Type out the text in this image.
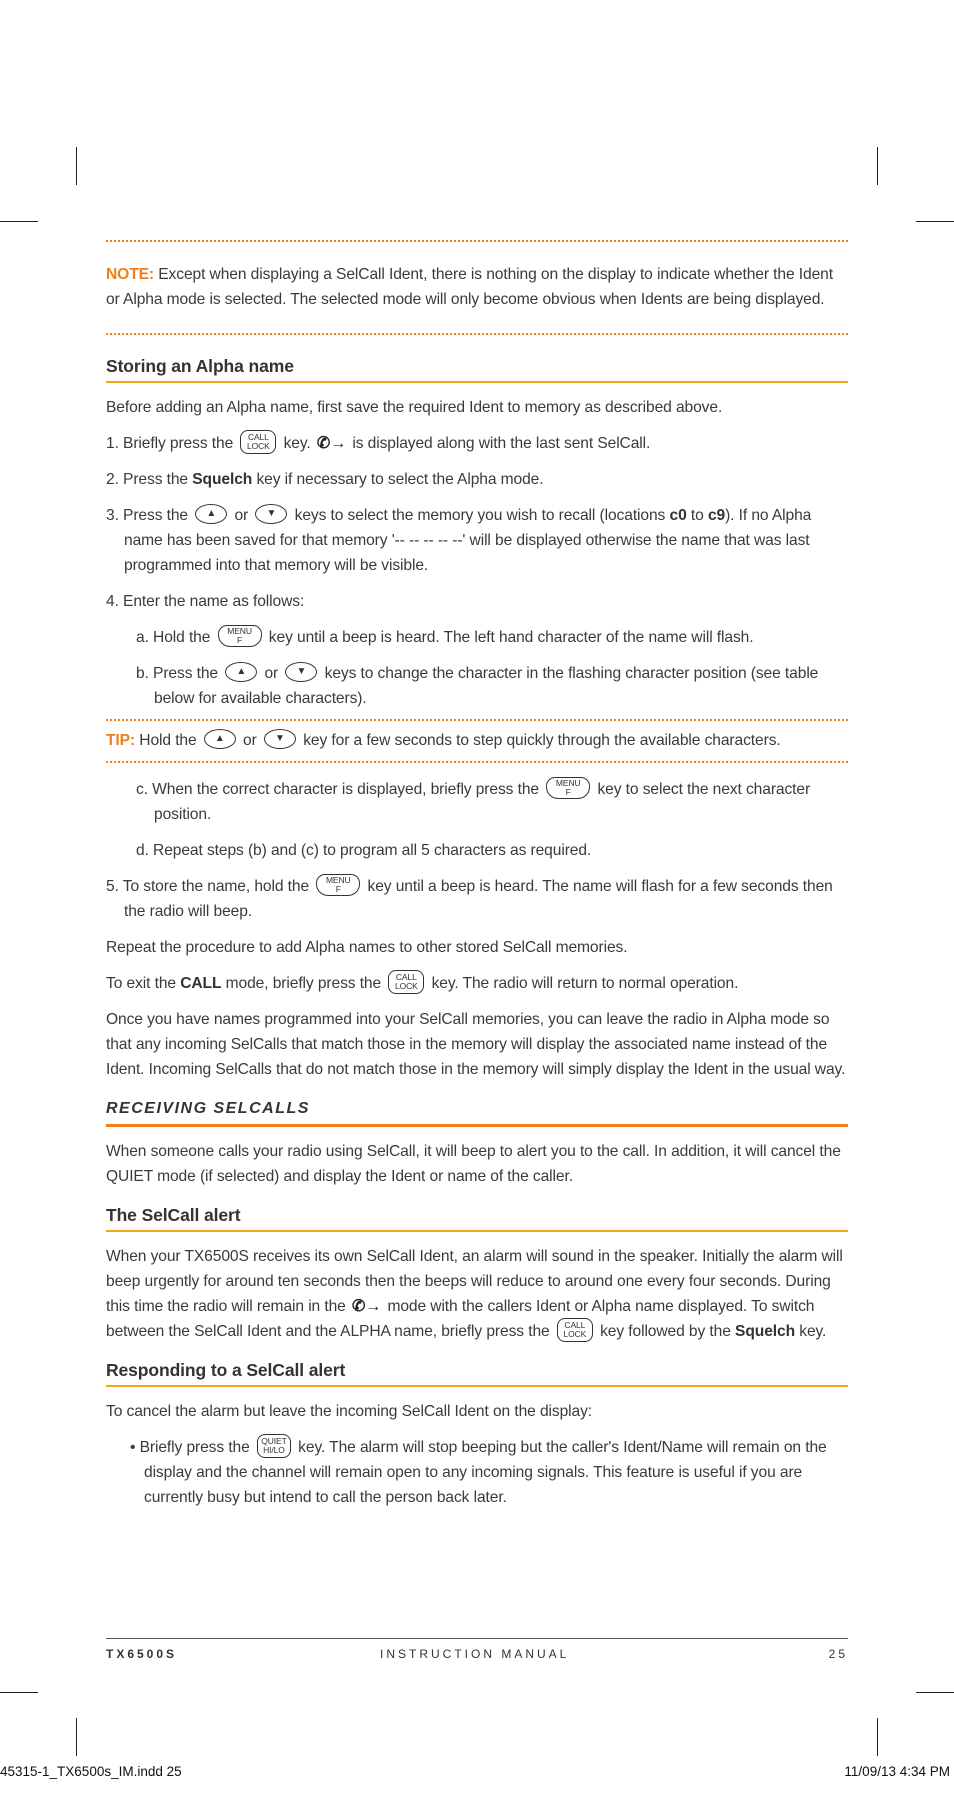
NOTE: Except when displaying a SelCall Ident, there is nothing on the display to indicate whether the Ident or Alpha mode is selected. The selected mode will only become obvious when Idents are being displayed.

Storing an Alpha name

Before adding an Alpha name, first save the required Ident to memory as described above.

1. Briefly press the CALL
LOCK key. ✆→ is displayed along with the last sent SelCall.

2. Press the Squelch key if necessary to select the Alpha mode.

3. Press the ▲ or ▼ keys to select the memory you wish to recall (locations c0 to c9). If no Alpha name has been saved for that memory '-- -- -- -- --' will be displayed otherwise the name that was last programmed into that memory will be visible.

4. Enter the name as follows:

a. Hold the MENU
F key until a beep is heard. The left hand character of the name will flash.

b. Press the ▲ or ▼ keys to change the character in the flashing character position (see table below for available characters).

TIP: Hold the ▲ or ▼ key for a few seconds to step quickly through the available characters.

c. When the correct character is displayed, briefly press the MENU
F key to select the next character position.

d. Repeat steps (b) and (c) to program all 5 characters as required.

5. To store the name, hold the MENU
F key until a beep is heard. The name will flash for a few seconds then the radio will beep.

Repeat the procedure to add Alpha names to other stored SelCall memories.

To exit the CALL mode, briefly press the CALL
LOCK key. The radio will return to normal operation.

Once you have names programmed into your SelCall memories, you can leave the radio in Alpha mode so that any incoming SelCalls that match those in the memory will display the associated name instead of the Ident. Incoming SelCalls that do not match those in the memory will simply display the Ident in the usual way.

RECEIVING SELCALLS

When someone calls your radio using SelCall, it will beep to alert you to the call. In addition, it will cancel the QUIET mode (if selected) and display the Ident or name of the caller.

The SelCall alert

When your TX6500S receives its own SelCall Ident, an alarm will sound in the speaker. Initially the alarm will beep urgently for around ten seconds then the beeps will reduce to around one every four seconds. During this time the radio will remain in the ✆→ mode with the callers Ident or Alpha name displayed. To switch between the SelCall Ident and the ALPHA name, briefly press the CALL
LOCK key followed by the Squelch key.

Responding to a SelCall alert

To cancel the alarm but leave the incoming SelCall Ident on the display:

• Briefly press the QUIET
HI/LO key. The alarm will stop beeping but the caller's Ident/Name will remain on the display and the channel will remain open to any incoming signals. This feature is useful if you are currently busy but intend to call the person back later.

TX6500S	INSTRUCTION MANUAL	25
45315-1_TX6500s_IM.indd 25	11/09/13 4:34 PM
